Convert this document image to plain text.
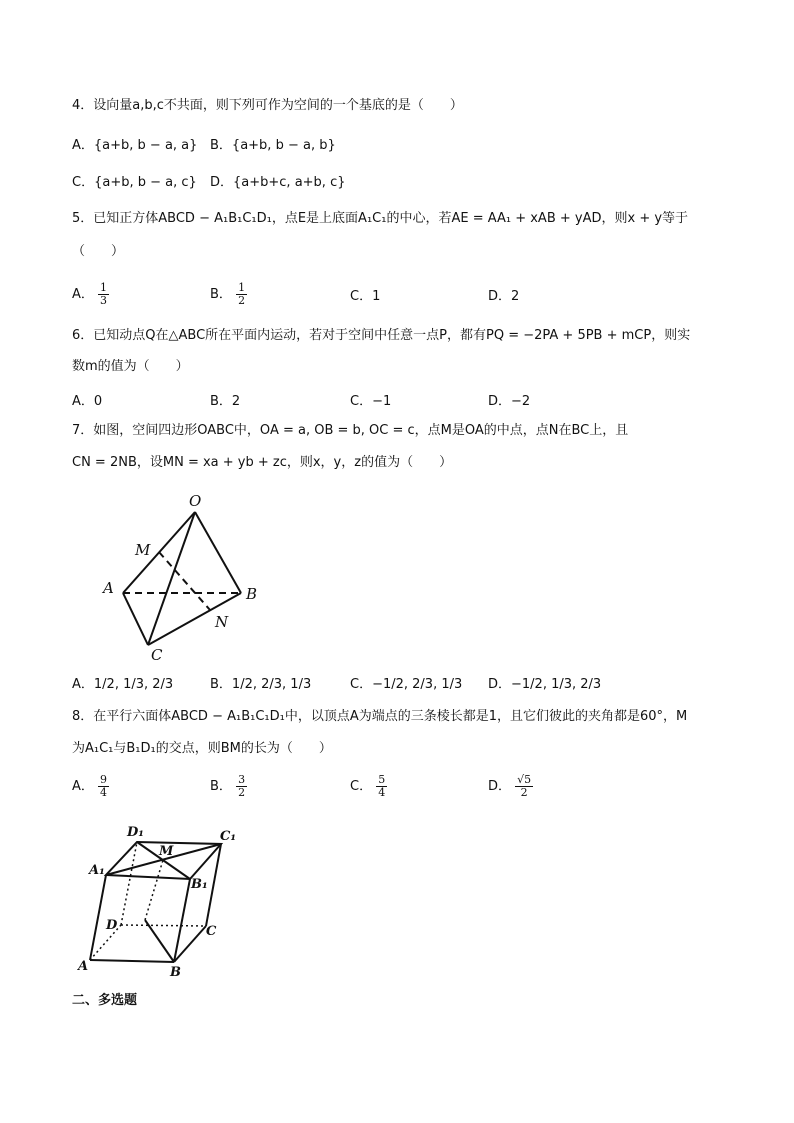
4．设向量a,b,c不共面，则下列可作为空间的一个基底的是（　　）
A．{a+b, b − a, a} B．{a+b, b − a, b}
C．{a+b, b − a, c} D．{a+b+c, a+b, c}
5．已知正方体ABCD − A₁B₁C₁D₁，点E是上底面A₁C₁的中心，若AE = AA₁ + xAB + yAD，则x + y等于
（　　）
A． $\frac{1}{3}$	B． $\frac{1}{2}$	C．1	D．2
6．已知动点Q在△ABC所在平面内运动，若对于空间中任意一点P，都有PQ = −2PA + 5PB + mCP，则实
数m的值为（　　）
A．0	B．2	C．−1	D．−2
7．如图，空间四边形OABC中，OA = a, OB = b, OC = c，点M是OA的中点，点N在BC上，且
CN = 2NB，设MN = xa + yb + zc，则x，y，z的值为（　　）
O
M
A	B
N
C
A．1/2, 1/3, 2/3	B．1/2, 2/3, 1/3	C．−1/2, 2/3, 1/3 D．−1/2, 1/3, 2/3
8．在平行六面体ABCD − A₁B₁C₁D₁中，以顶点A为端点的三条棱长都是1，且它们彼此的夹角都是60°，M
为A₁C₁与B₁D₁的交点，则BM的长为（　　）
A． $\frac{9}{4}$	B． $\frac{3}{2}$	C． $\frac{5}{4}$	D． $\frac{√5}{2}$
D₁	C₁
M
A₁
B₁
D	C
A	B
二、多选题
